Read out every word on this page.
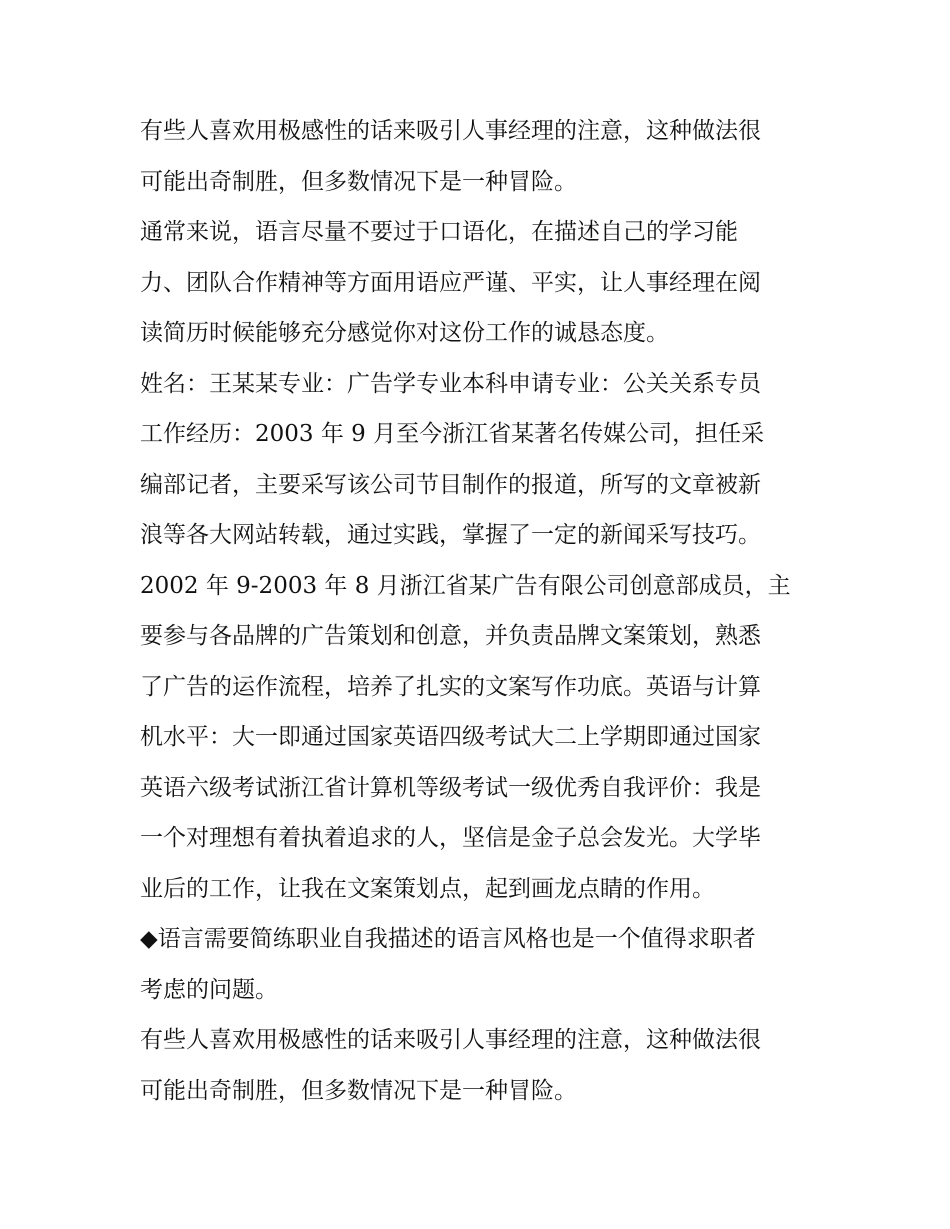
有些人喜欢用极感性的话来吸引人事经理的注意，这种做法很
可能出奇制胜，但多数情况下是一种冒险。
通常来说，语言尽量不要过于口语化，在描述自己的学习能
力、团队合作精神等方面用语应严谨、平实，让人事经理在阅
读简历时候能够充分感觉你对这份工作的诚恳态度。
姓名：王某某专业：广告学专业本科申请专业：公关关系专员
工作经历：2003 年 9 月至今浙江省某著名传媒公司，担任采
编部记者，主要采写该公司节目制作的报道，所写的文章被新
浪等各大网站转载，通过实践，掌握了一定的新闻采写技巧。
2002 年 9-2003 年 8 月浙江省某广告有限公司创意部成员，主
要参与各品牌的广告策划和创意，并负责品牌文案策划，熟悉
了广告的运作流程，培养了扎实的文案写作功底。英语与计算
机水平：大一即通过国家英语四级考试大二上学期即通过国家
英语六级考试浙江省计算机等级考试一级优秀自我评价：我是
一个对理想有着执着追求的人，坚信是金子总会发光。大学毕
业后的工作，让我在文案策划点，起到画龙点睛的作用。
◆语言需要简练职业自我描述的语言风格也是一个值得求职者
考虑的问题。
有些人喜欢用极感性的话来吸引人事经理的注意，这种做法很
可能出奇制胜，但多数情况下是一种冒险。
